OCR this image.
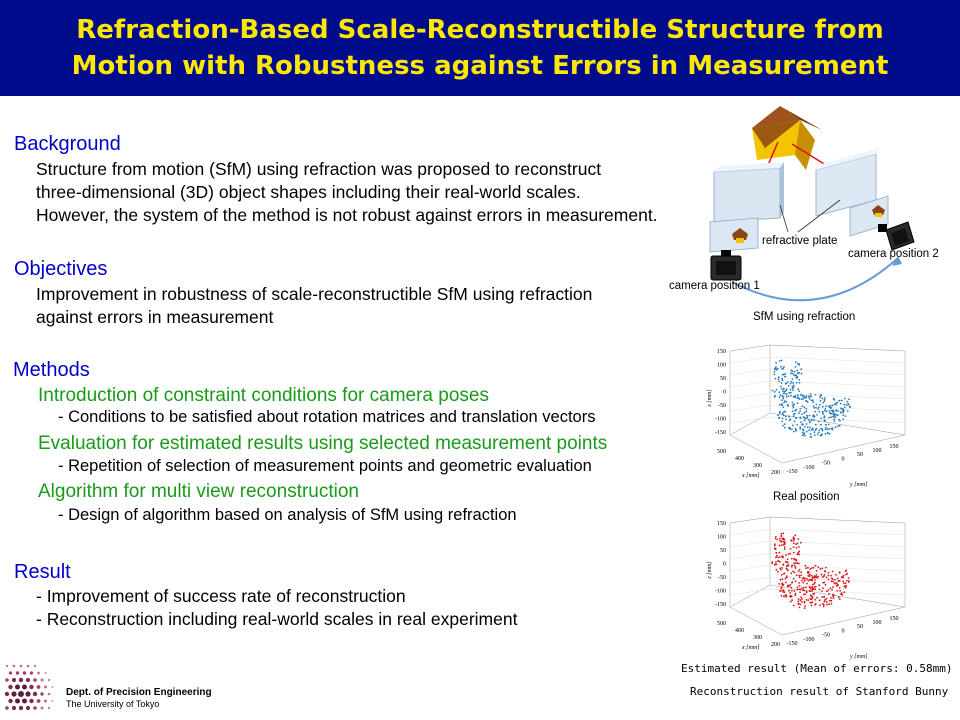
Refraction-Based Scale-Reconstructible Structure from
Motion with Robustness against Errors in Measurement
Background
Structure from motion (SfM) using refraction was proposed to reconstruct
three-dimensional (3D) object shapes including their real-world scales.
However, the system of the method is not robust against errors in measurement.
Objectives
Improvement in robustness of scale-reconstructible SfM using refraction
against errors in measurement
Methods
Introduction of constraint conditions for camera poses
- Conditions to be satisfied about rotation matrices and translation vectors
Evaluation for estimated results using selected measurement points
- Repetition of selection of measurement points and geometric evaluation
Algorithm for multi view reconstruction
- Design of algorithm based on analysis of SfM using refraction
Result
- Improvement of success rate of reconstruction
- Reconstruction including real-world scales in real experiment
refractive plate
camera position 2
camera position 1
SfM using refraction
150
100
50
0
-50
-100
-150
z [mm]
500
400
300
200
x [mm]
-150
-100
-50
0
50
100
150
y [mm]
Real position
150
100
50
0
-50
-100
-150
z [mm]
500
400
300
200
x [mm]
-150
-100
-50
0
50
100
150
y [mm]
Estimated result (Mean of errors: 0.58mm)
Reconstruction result of Stanford Bunny
Dept. of Precision Engineering
The University of Tokyo
